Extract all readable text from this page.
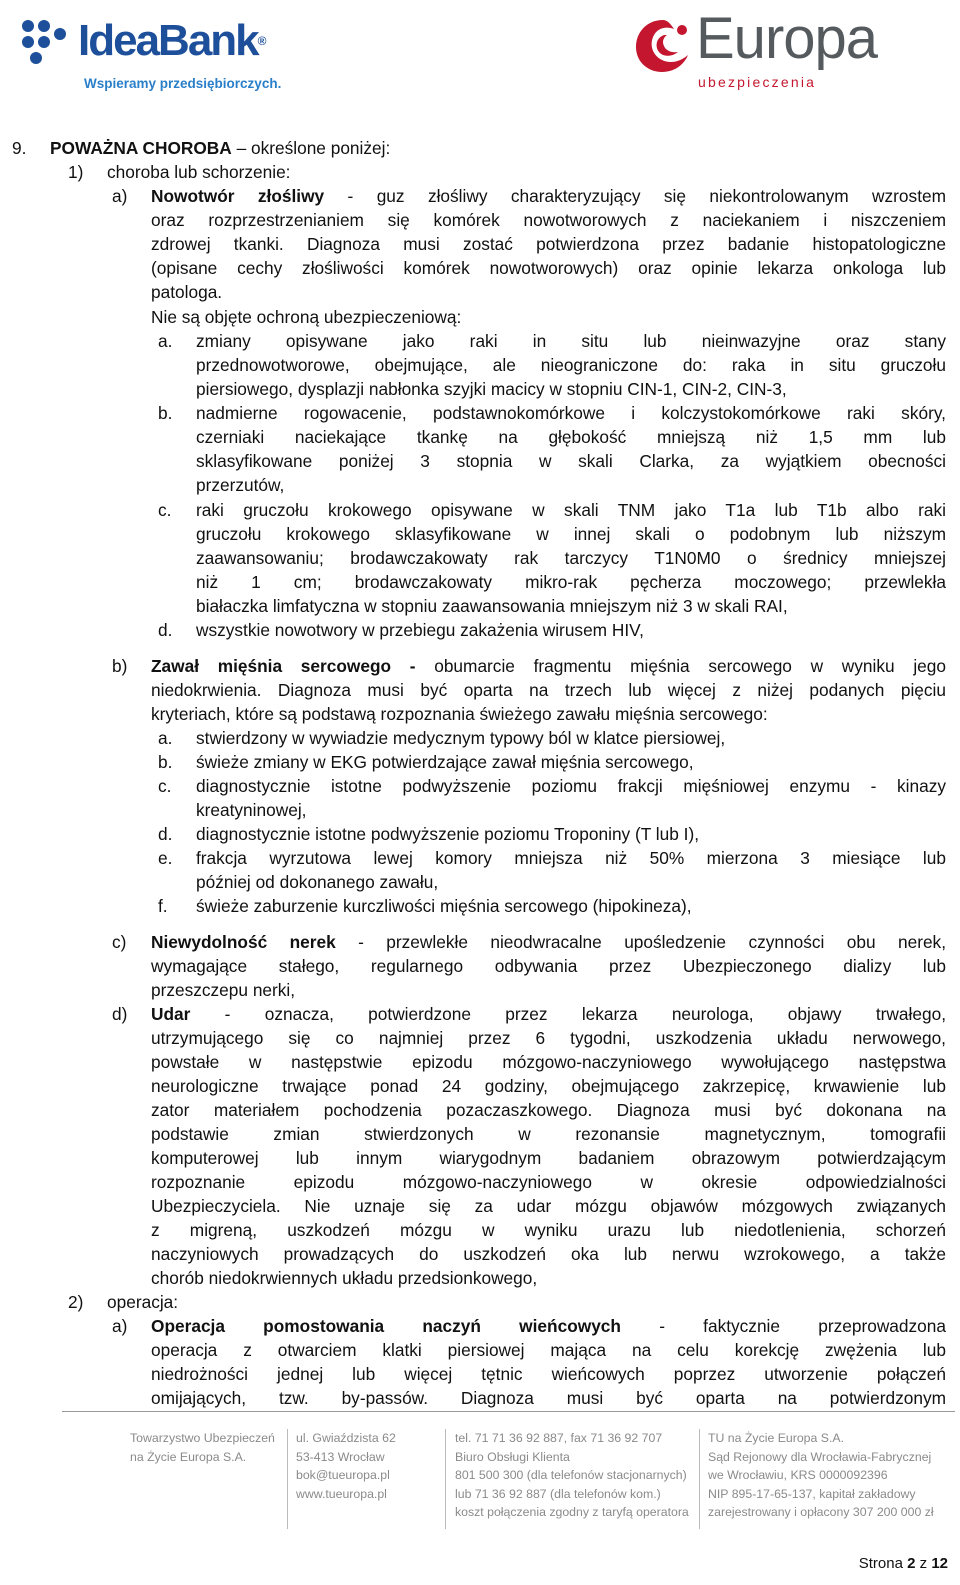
IdeaBank®
Wspieramy przedsiębiorczych.
Europa
ubezpieczenia
9. POWAŻNA CHOROBA – określone poniżej:
1) choroba lub schorzenie:
a) Nowotwór złośliwy - guz złośliwy charakteryzujący się niekontrolowanym wzrostem
oraz rozprzestrzenianiem się komórek nowotworowych z naciekaniem i niszczeniem
zdrowej tkanki. Diagnoza musi zostać potwierdzona przez badanie histopatologiczne
(opisane cechy złośliwości komórek nowotworowych) oraz opinie lekarza onkologa lub
patologa.
Nie są objęte ochroną ubezpieczeniową:
a. zmiany opisywane jako raki in situ lub nieinwazyjne oraz stany
przednowotworowe, obejmujące, ale nieograniczone do: raka in situ gruczołu
piersiowego, dysplazji nabłonka szyjki macicy w stopniu CIN-1, CIN-2, CIN-3,
b. nadmierne rogowacenie, podstawnokomórkowe i kolczystokomórkowe raki skóry,
czerniaki naciekające tkankę na głębokość mniejszą niż 1,5 mm lub
sklasyfikowane poniżej 3 stopnia w skali Clarka, za wyjątkiem obecności
przerzutów,
c. raki gruczołu krokowego opisywane w skali TNM jako T1a lub T1b albo raki
gruczołu krokowego sklasyfikowane w innej skali o podobnym lub niższym
zaawansowaniu; brodawczakowaty rak tarczycy T1N0M0 o średnicy mniejszej
niż 1 cm; brodawczakowaty mikro-rak pęcherza moczowego; przewlekła
białaczka limfatyczna w stopniu zaawansowania mniejszym niż 3 w skali RAI,
d. wszystkie nowotwory w przebiegu zakażenia wirusem HIV,
b) Zawał mięśnia sercowego - obumarcie fragmentu mięśnia sercowego w wyniku jego
niedokrwienia. Diagnoza musi być oparta na trzech lub więcej z niżej podanych pięciu
kryteriach, które są podstawą rozpoznania świeżego zawału mięśnia sercowego:
a. stwierdzony w wywiadzie medycznym typowy ból w klatce piersiowej,
b. świeże zmiany w EKG potwierdzające zawał mięśnia sercowego,
c. diagnostycznie istotne podwyższenie poziomu frakcji mięśniowej enzymu - kinazy
kreatyninowej,
d. diagnostycznie istotne podwyższenie poziomu Troponiny (T lub I),
e. frakcja wyrzutowa lewej komory mniejsza niż 50% mierzona 3 miesiące lub
później od dokonanego zawału,
f. świeże zaburzenie kurczliwości mięśnia sercowego (hipokineza),
c) Niewydolność nerek - przewlekłe nieodwracalne upośledzenie czynności obu nerek,
wymagające stałego, regularnego odbywania przez Ubezpieczonego dializy lub
przeszczepu nerki,
d) Udar - oznacza, potwierdzone przez lekarza neurologa, objawy trwałego,
utrzymującego się co najmniej przez 6 tygodni, uszkodzenia układu nerwowego,
powstałe w następstwie epizodu mózgowo-naczyniowego wywołującego następstwa
neurologiczne trwające ponad 24 godziny, obejmującego zakrzepicę, krwawienie lub
zator materiałem pochodzenia pozaczaszkowego. Diagnoza musi być dokonana na
podstawie zmian stwierdzonych w rezonansie magnetycznym, tomografii
komputerowej lub innym wiarygodnym badaniem obrazowym potwierdzającym
rozpoznanie epizodu mózgowo-naczyniowego w okresie odpowiedzialności
Ubezpieczyciela. Nie uznaje się za udar mózgu objawów mózgowych związanych
z migreną, uszkodzeń mózgu w wyniku urazu lub niedotlenienia, schorzeń
naczyniowych prowadzących do uszkodzeń oka lub nerwu wzrokowego, a także
chorób niedokrwiennych układu przedsionkowego,
2) operacja:
a) Operacja pomostowania naczyń wieńcowych - faktycznie przeprowadzona
operacja z otwarciem klatki piersiowej mająca na celu korekcję zwężenia lub
niedrożności jednej lub więcej tętnic wieńcowych poprzez utworzenie połączeń
omijających, tzw. by-passów. Diagnoza musi być oparta na potwierdzonym
Towarzystwo Ubezpieczeń
na Życie Europa S.A.
ul. Gwiaździsta 62
53-413 Wrocław
bok@tueuropa.pl
www.tueuropa.pl
tel. 71 71 36 92 887, fax 71 36 92 707
Biuro Obsługi Klienta
801 500 300 (dla telefonów stacjonarnych)
lub 71 36 92 887 (dla telefonów kom.)
koszt połączenia zgodny z taryfą operatora
TU na Życie Europa S.A.
Sąd Rejonowy dla Wrocławia-Fabrycznej
we Wrocławiu, KRS 0000092396
NIP 895-17-65-137, kapitał zakładowy
zarejestrowany i opłacony 307 200 000 zł
Strona 2 z 12
